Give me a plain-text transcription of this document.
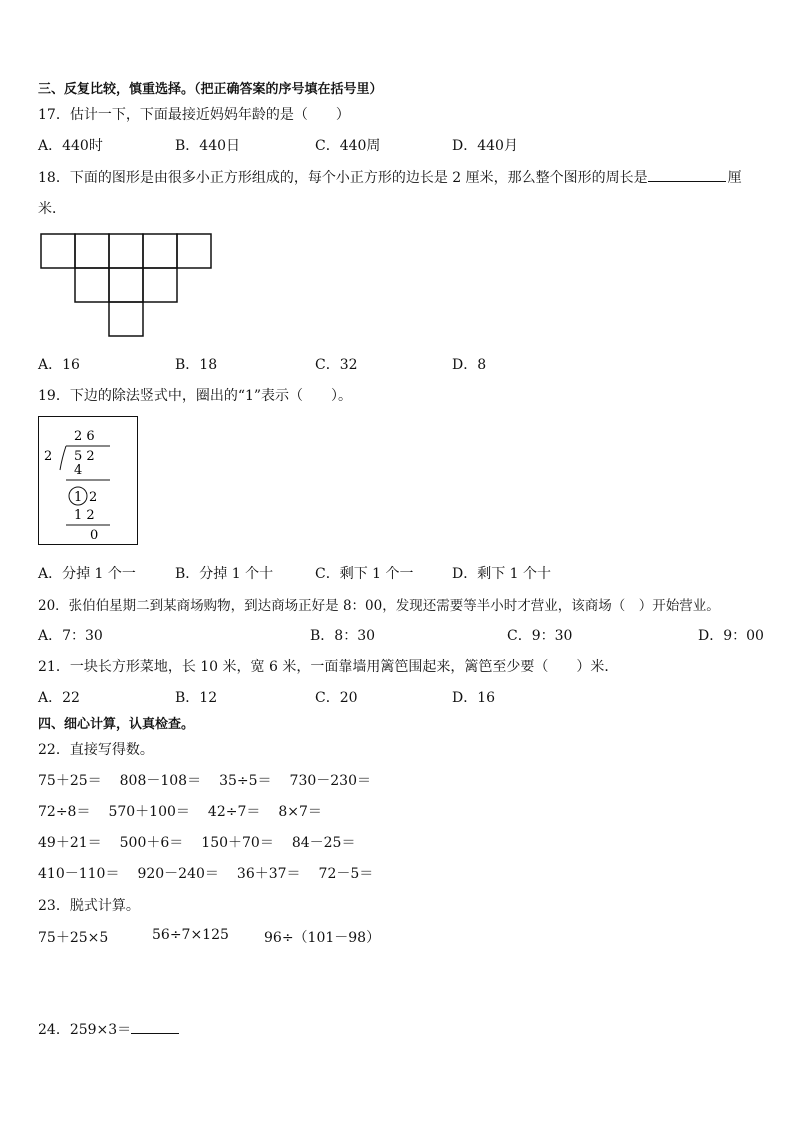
三、反复比较，慎重选择。（把正确答案的序号填在括号里）
17．估计一下，下面最接近妈妈年龄的是（　　）
A．440时	B．440日	C．440周	D．440月
18．下面的图形是由很多小正方形组成的，每个小正方形的边长是 2 厘米，那么整个图形的周长是	厘
米．
A．16	B．18	C．32	D．8
19．下边的除法竖式中，圈出的“1”表示（　　）。
2 6
2 5 2
4
1 2
1 2
0
A．分掉 1 个一	B．分掉 1 个十	C．剩下 1 个一	D．剩下 1 个十
20．张伯伯星期二到某商场购物，到达商场正好是 8：00，发现还需要等半小时才营业，该商场（　）开始营业。
A．7：30	B．8：30	C．9：30	D．9：00
21．一块长方形菜地，长 10 米，宽 6 米，一面靠墙用篱笆围起来，篱笆至少要（　　）米．
A．22	B．12	C．20	D．16
四、细心计算，认真检查。
22．直接写得数。
75＋25＝ 808－108＝ 35÷5＝ 730－230＝
72÷8＝ 570＋100＝ 42÷7＝ 8×7＝
49＋21＝ 500＋6＝ 150＋70＝ 84－25＝
410－110＝ 920－240＝ 36＋37＝ 72－5＝
23．脱式计算。
75＋25×5	56÷7×125	96÷（101－98）
24．259×3＝
